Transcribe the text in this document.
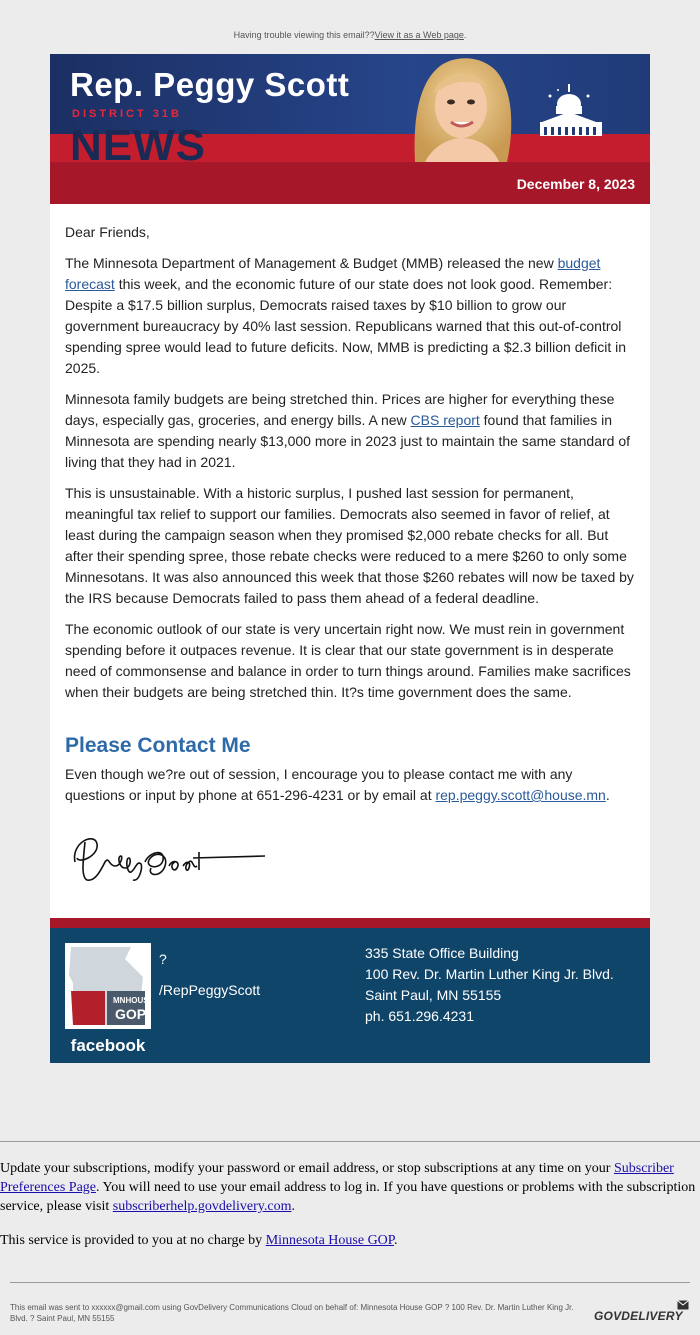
Having trouble viewing this email??View it as a Web page.
Rep. Peggy Scott
DISTRICT 31B
NEWS
December 8, 2023

Dear Friends,

The Minnesota Department of Management & Budget (MMB) released the new budget forecast this week, and the economic future of our state does not look good. Remember: Despite a $17.5 billion surplus, Democrats raised taxes by $10 billion to grow our government bureaucracy by 40% last session. Republicans warned that this out-of-control spending spree would lead to future deficits. Now, MMB is predicting a $2.3 billion deficit in 2025.

Minnesota family budgets are being stretched thin. Prices are higher for everything these days, especially gas, groceries, and energy bills. A new CBS report found that families in Minnesota are spending nearly $13,000 more in 2023 just to maintain the same standard of living that they had in 2021.

This is unsustainable. With a historic surplus, I pushed last session for permanent, meaningful tax relief to support our families. Democrats also seemed in favor of relief, at least during the campaign season when they promised $2,000 rebate checks for all. But after their spending spree, those rebate checks were reduced to a mere $260 to only some Minnesotans. It was also announced this week that those $260 rebates will now be taxed by the IRS because Democrats failed to pass them ahead of a federal deadline.

The economic outlook of our state is very uncertain right now. We must rein in government spending before it outpaces revenue. It is clear that our state government is in desperate need of commonsense and balance in order to turn things around. Families make sacrifices when their budgets are being stretched thin. It?s time government does the same.

Please Contact Me

Even though we?re out of session, I encourage you to please contact me with any questions or input by phone at 651-296-4231 or by email at rep.peggy.scott@house.mn.

MNHOUSE
GOP
facebook
?
/RepPeggyScott
335 State Office Building
100 Rev. Dr. Martin Luther King Jr. Blvd.
Saint Paul, MN 55155
ph. 651.296.4231

Update your subscriptions, modify your password or email address, or stop subscriptions at any time on your Subscriber Preferences Page. You will need to use your email address to log in. If you have questions or problems with the subscription service, please visit subscriberhelp.govdelivery.com.

This service is provided to you at no charge by Minnesota House GOP.

This email was sent to xxxxxx@gmail.com using GovDelivery Communications Cloud on behalf of: Minnesota House GOP ? 100 Rev. Dr. Martin Luther King Jr. Blvd. ? Saint Paul, MN 55155	GOVDELIVERY
